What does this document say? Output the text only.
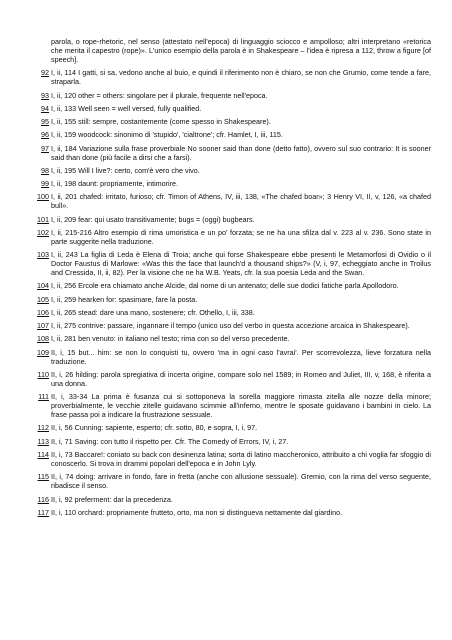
parola, o rope-rhetoric, nel senso (attestato nell'epoca) di linguaggio sciocco e ampolloso; altri interpretano «retorica che merita il capestro (rope)». L'unico esempio della parola è in Shakespeare – l'idea è ripresa a 112, throw a figure [of speech].
92 I, ii, 114 I gatti, si sa, vedono anche al buio, e quindi il riferimento non è chiaro, se non che Grumio, come tende a fare, straparla.
93 I, ii, 120 other = others: singolare per il plurale, frequente nell'epoca.
94 I, ii, 133 Well seen = well versed, fully qualified.
95 I, ii, 155 still: sempre, costantemente (come spesso in Shakespeare).
96 I, ii, 159 woodcock: sinonimo di 'stupido', 'cialtrone'; cfr. Hamlet, I, iii, 115.
97 I, ii, 184 Variazione sulla frase proverbiale No sooner said than done (detto fatto), ovvero sul suo contrario: It is sooner said than done (più facile a dirsi che a farsi).
98 I, ii, 195 Will I live?: certo, com'è vero che vivo.
99 I, ii, 198 daunt: propriamente, intimorire.
100 I, ii, 201 chafed: irritato, furioso; cfr. Timon of Athens, IV, iii, 138, «The chafed boar»; 3 Henry VI, II, v, 126, «a chafed bull».
101 I, ii, 209 fear: qui usato transitivamente; bugs = (oggi) bugbears.
102 I, ii, 215-216 Altro esempio di rima umoristica e un po' forzata; se ne ha una sfilza dal v. 223 al v. 236. Sono state in parte suggerite nella traduzione.
103 I, ii, 243 La figlia di Leda è Elena di Troia; anche qui forse Shakespeare ebbe presenti le Metamorfosi di Ovidio o il Doctor Faustus di Marlowe: «Was this the face that launch'd a thousand ships?» (V, i, 97, echeggiato anche in Troilus and Cressida, II, ii, 82). Per la visione che ne ha W.B. Yeats, cfr. la sua poesia Leda and the Swan.
104 I, ii, 256 Ercole era chiamato anche Alcide, dal nome di un antenato; delle sue dodici fatiche parla Apollodoro.
105 I, ii, 259 hearken for: spasimare, fare la posta.
106 I, ii, 265 stead: dare una mano, sostenere; cfr. Othello, I, iii, 338.
107 I, ii, 275 contrive: passare, ingannare il tempo (unico uso del verbo in questa accezione arcaica in Shakespeare).
108 I, ii, 281 ben venuto: in italiano nel testo; rima con so del verso precedente.
109 II, i, 15 but... him: se non lo conquisti tu, ovvero 'ma in ogni caso l'avrai'. Per scorrevolezza, lieve forzatura nella traduzione.
110 II, i, 26 hilding: parola spregiativa di incerta origine, compare solo nel 1589; in Romeo and Juliet, III, v, 168, è riferita a una donna.
111 II, i, 33-34 La prima è fusanza cui si sottoponeva la sorella maggiore rimasta zitella alle nozze della minore; proverbialmente, le vecchie zitelle guidavano scimmie all'inferno, mentre le sposate guidavano i bambini in cielo. La frase passa poi a indicare la frustrazione sessuale.
112 II, i, 56 Cunning: sapiente, esperto; cfr. sotto, 80, e sopra, I, i, 97.
113 II, i, 71 Saving: con tutto il rispetto per. Cfr. The Comedy of Errors, IV, i, 27.
114 II, i, 73 Baccare!: coniato su back con desinenza latina; sorta di latino maccheronico, attribuito a chi voglia far sfoggio di conoscerlo. Si trova in drammi popolari dell'epoca e in John Lyly.
115 II, i, 74 doing: arrivare in fondo, fare in fretta (anche con allusione sessuale). Gremio, con la rima del verso seguente, ribadisce il senso.
116 II, i, 92 preferment: dar la precedenza.
117 II, i, 110 orchard: propriamente frutteto, orto, ma non si distingueva nettamente dal giardino.
